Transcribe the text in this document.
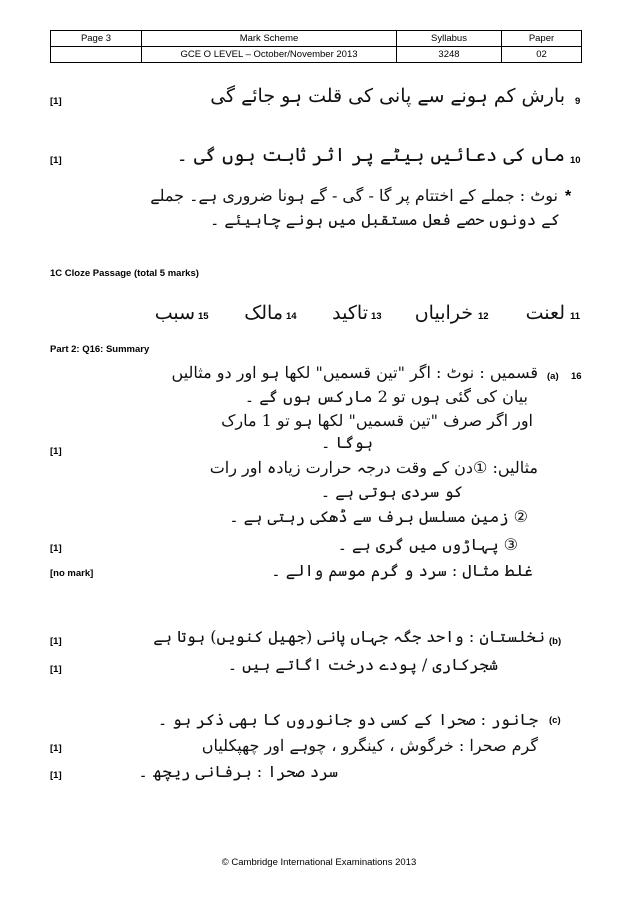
Page 3	Mark Scheme	Syllabus	Paper
	GCE O LEVEL – October/November 2013	3248	02
[1]	بارش کم ہونے سے پانی کی قلت ہو جائے گی 9
[1]	ماں کی دعائیں بیٹے پر اثر ثابت ہوں گی ۔ 10
نوٹ : جملے کے اختتام پر گا - گی - گے ہونا ضروری ہے۔ جملے *
کے دونوں حصے فعل مستقبل میں ہونے چاہیئے ۔
1C Cloze Passage (total 5 marks)
11
لعنت
12
خرابیاں
13
تاکید
14
مالک
15
سبب
Part 2: Q16: Summary
16
(a)
قسمیں : نوٹ : اگر "تین قسمیں" لکھا ہو اور دو مثالیں
بیان کی گئی ہوں تو 2 مارکس ہوں گے ۔
اور اگر صرف "تین قسمیں" لکھا ہو تو 1 مارک
ہوگا ۔
[1]
مثالیں: ①دن کے وقت درجہ حرارت زیادہ اور رات
کو سردی ہوتی ہے ۔
② زمین مسلسل برف سے ڈھکی رہتی ہے ۔
[1]	③ پہاڑوں میں گری ہے ۔
[no mark]	غلط مثال : سرد و گرم موسم والے ۔
(b)
[1]	نخلستان : واحد جگہ جہاں پانی (جھیل کنویں) ہوتا ہے
[1]	شجرکاری / پودے درخت اگاتے ہیں ۔
(c)
جانور : صحرا کے کسی دو جانوروں کا بھی ذکر ہو ۔
[1]	گرم صحرا : خرگوش ، کینگرو ، چوہے اور چھپکلیاں
[1]	سرد صحرا : برفانی ریچھ ۔
© Cambridge International Examinations 2013
